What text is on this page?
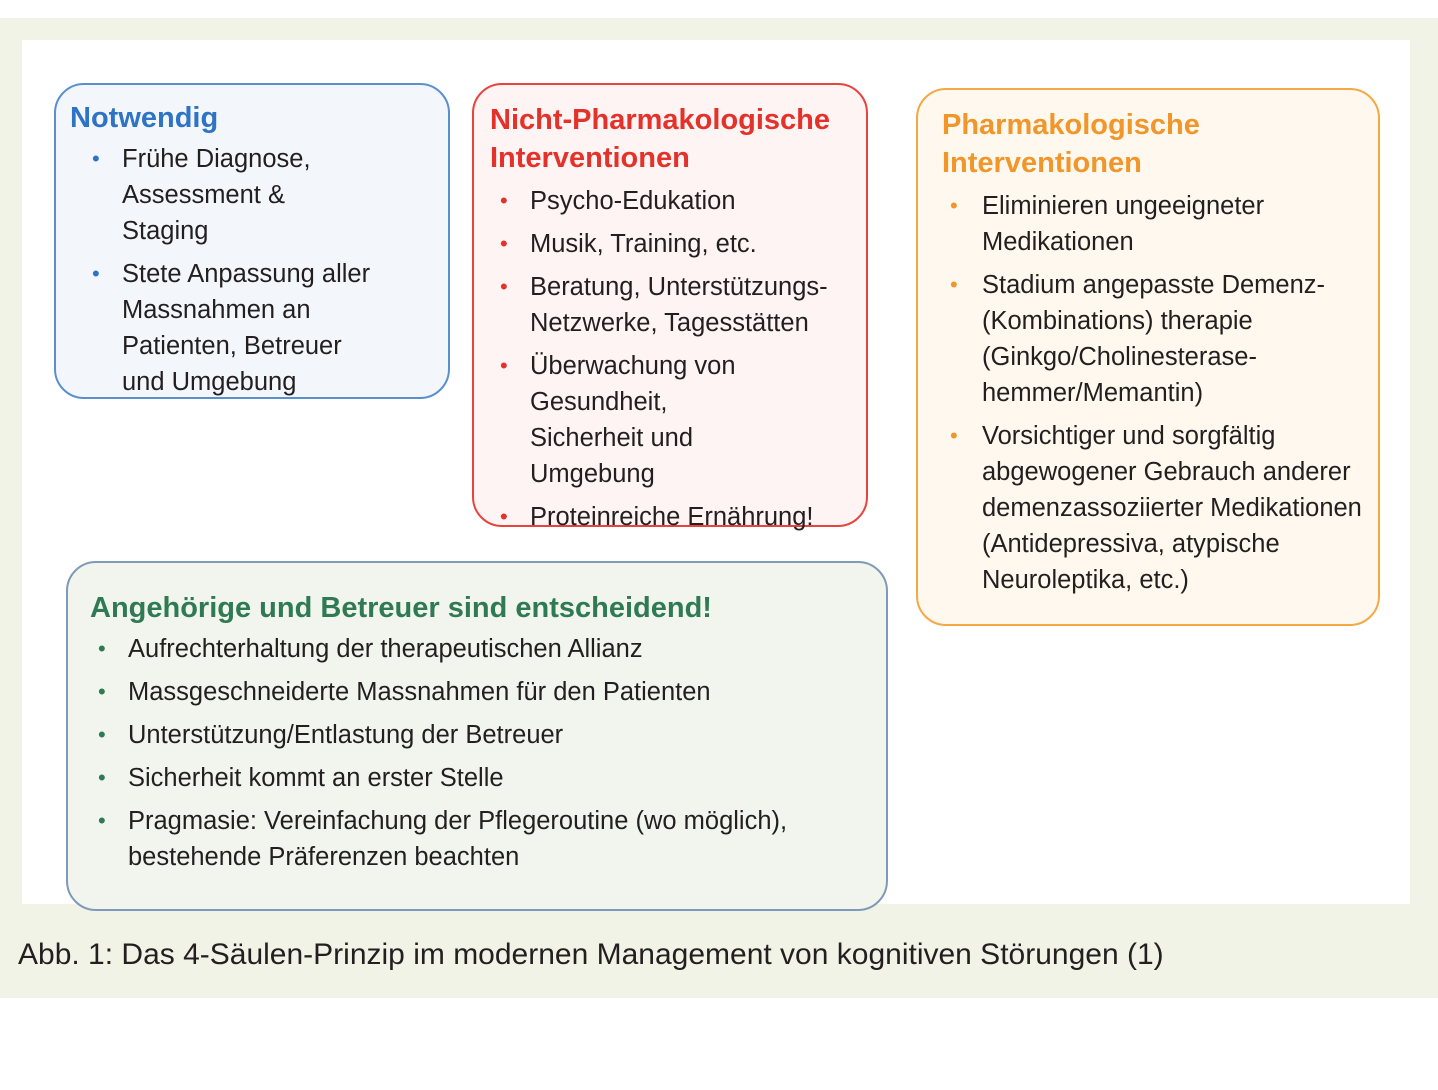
Notwendig
• Frühe Diagnose, Assessment & Staging
• Stete Anpassung aller Massnahmen an Patienten, Betreuer und Umgebung
Nicht-Pharmakologische Interventionen
• Psycho-Edukation
• Musik, Training, etc.
• Beratung, Unterstützungs-Netzwerke, Tagesstätten
• Überwachung von Gesundheit, Sicherheit und Umgebung
• Proteinreiche Ernährung!
Pharmakologische Interventionen
• Eliminieren ungeeigneter Medikationen
• Stadium angepasste Demenz-(Kombinations) therapie (Ginkgo/Cholinesterase-hemmer/Memantin)
• Vorsichtiger und sorgfältig abgewogener Gebrauch anderer demenzassoziierter Medikationen (Antidepressiva, atypische Neuroleptika, etc.)
Angehörige und Betreuer sind entscheidend!
• Aufrechterhaltung der therapeutischen Allianz
• Massgeschneiderte Massnahmen für den Patienten
• Unterstützung/Entlastung der Betreuer
• Sicherheit kommt an erster Stelle
• Pragmasie: Vereinfachung der Pflegeroutine (wo möglich), bestehende Präferenzen beachten
Abb. 1: Das 4-Säulen-Prinzip im modernen Management von kognitiven Störungen (1)
